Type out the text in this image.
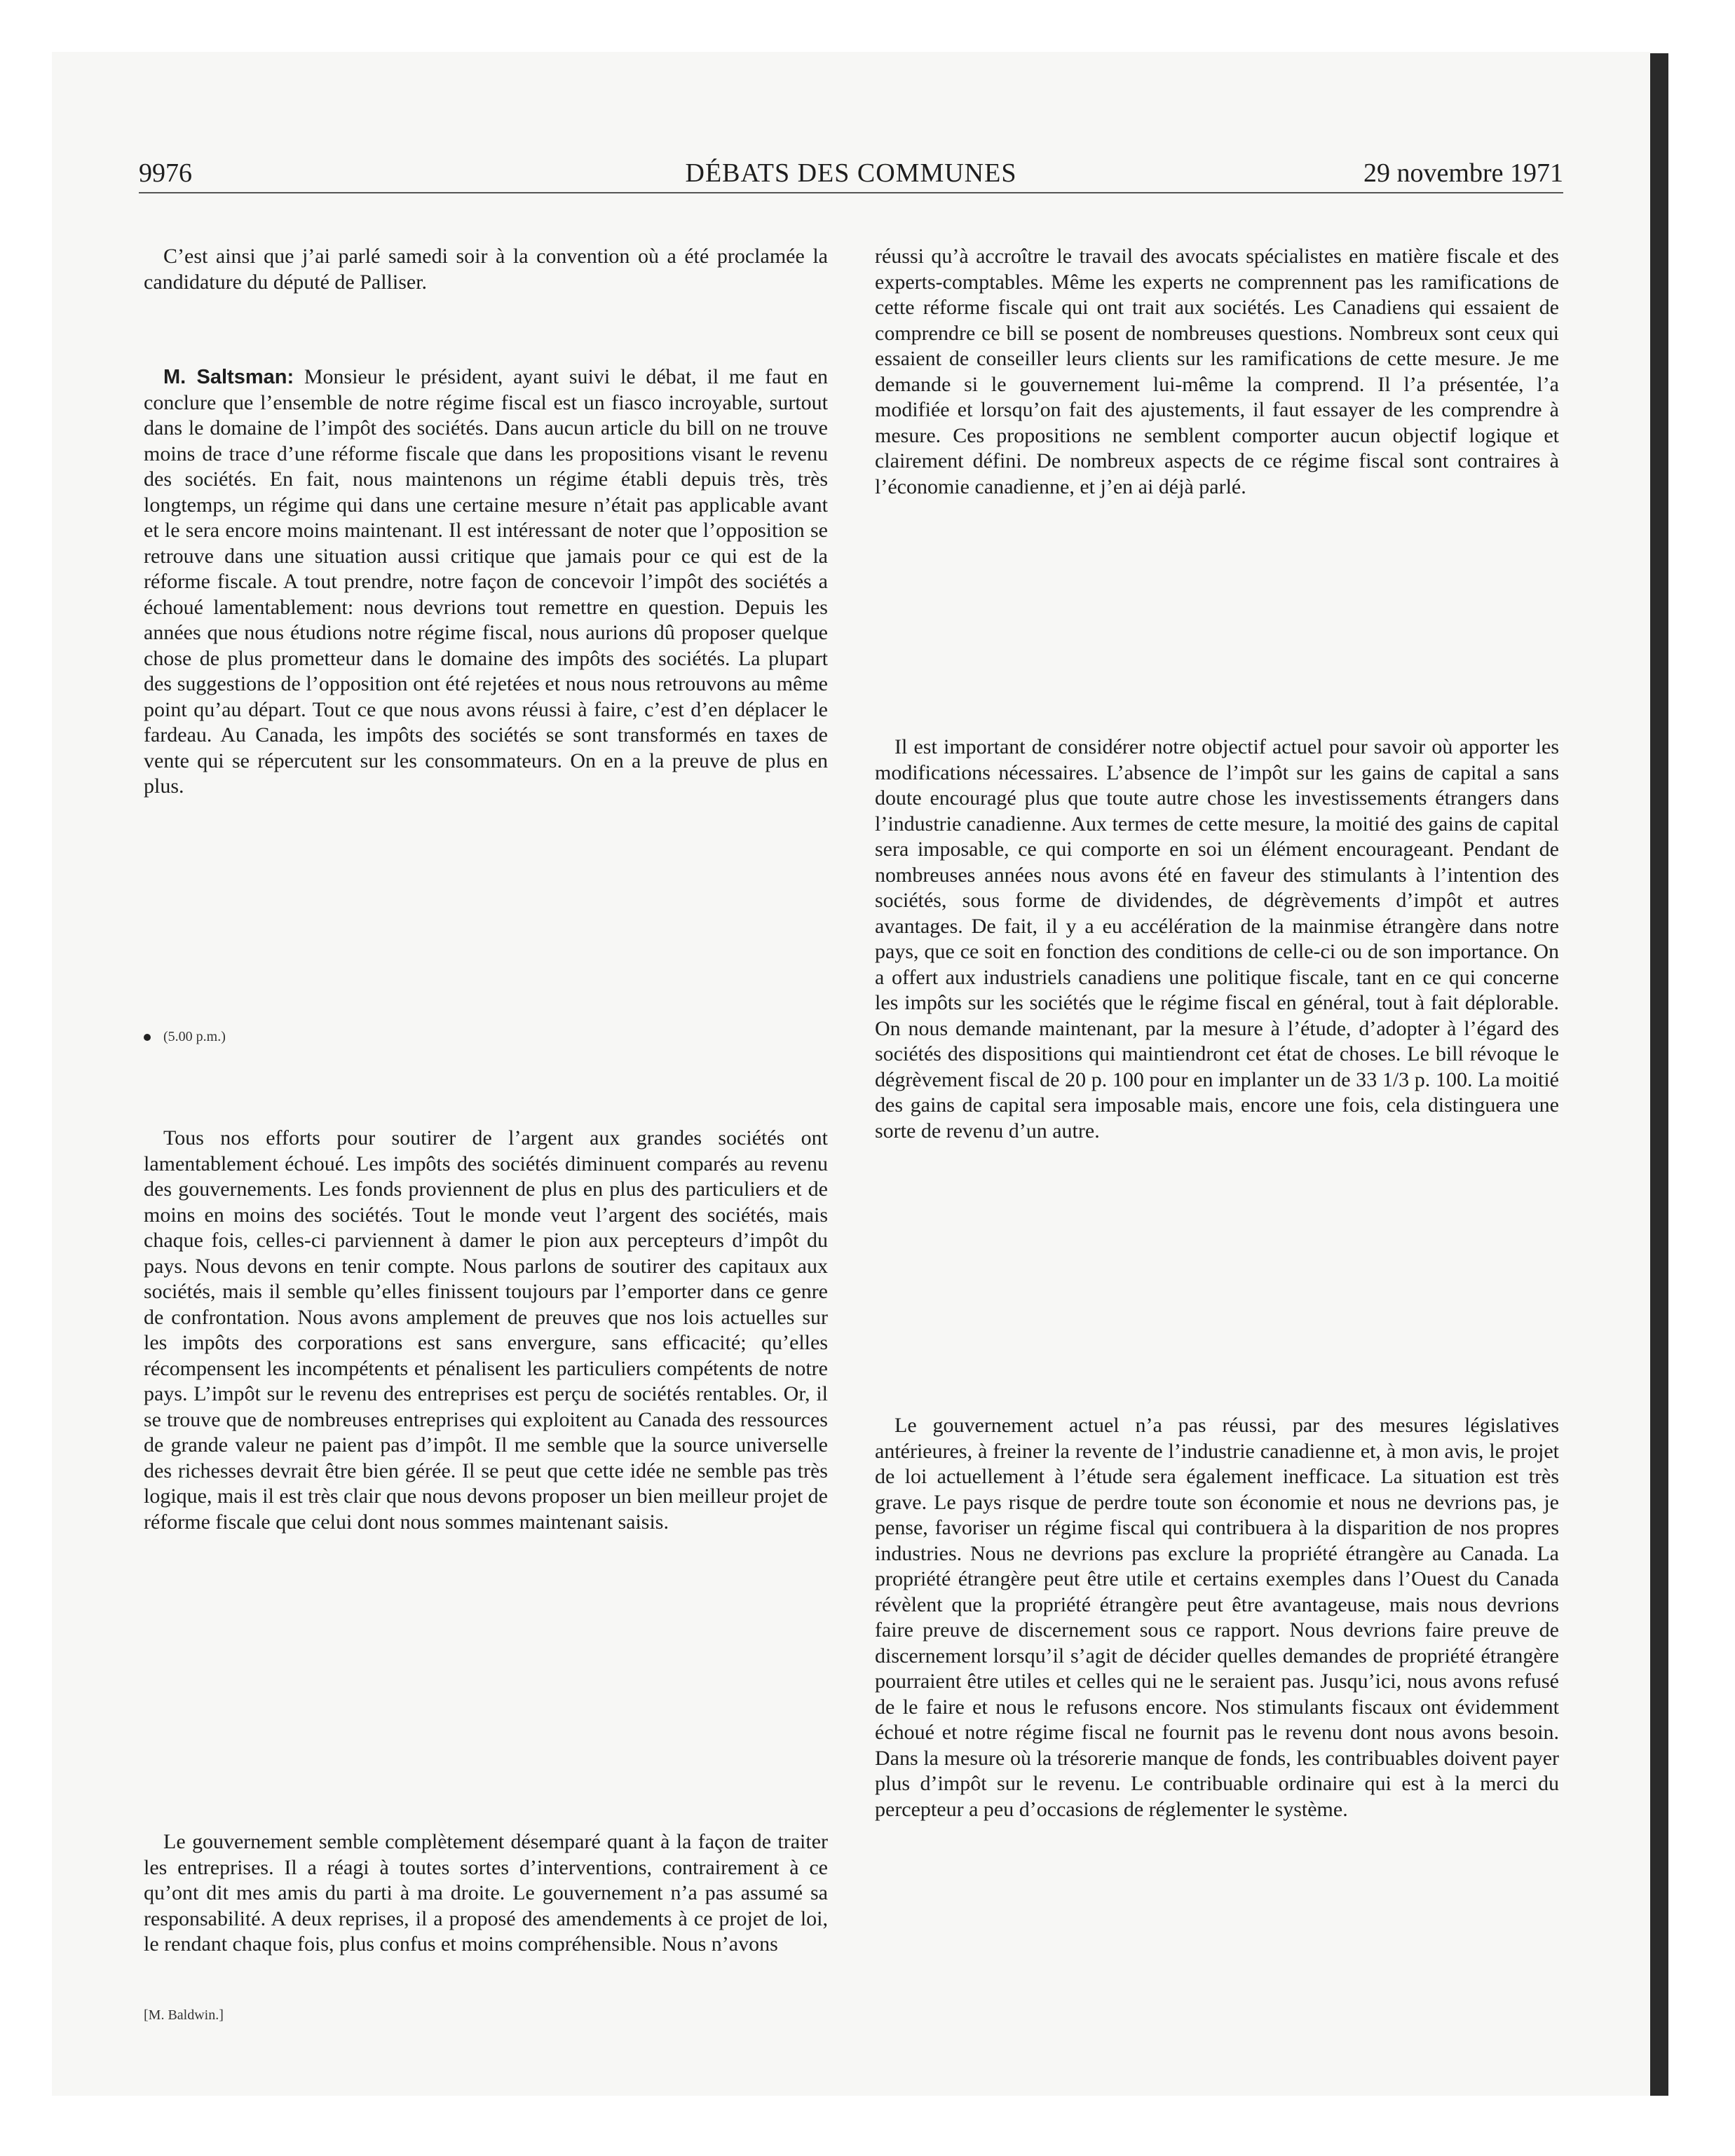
9976	DÉBATS DES COMMUNES	29 novembre 1971

C’est ainsi que j’ai parlé samedi soir à la convention où a été proclamée la candidature du député de Palliser.

M. Saltsman: Monsieur le président, ayant suivi le débat, il me faut en conclure que l’ensemble de notre régime fiscal est un fiasco incroyable, surtout dans le domaine de l’impôt des sociétés. Dans aucun article du bill on ne trouve moins de trace d’une réforme fiscale que dans les propositions visant le revenu des sociétés. En fait, nous maintenons un régime établi depuis très, très longtemps, un régime qui dans une certaine mesure n’était pas applicable avant et le sera encore moins maintenant. Il est intéressant de noter que l’opposition se retrouve dans une situation aussi critique que jamais pour ce qui est de la réforme fiscale. A tout prendre, notre façon de concevoir l’impôt des sociétés a échoué lamentablement: nous devrions tout remettre en question. Depuis les années que nous étudions notre régime fiscal, nous aurions dû proposer quelque chose de plus prometteur dans le domaine des impôts des sociétés. La plupart des suggestions de l’opposition ont été rejetées et nous nous retrouvons au même point qu’au départ. Tout ce que nous avons réussi à faire, c’est d’en déplacer le fardeau. Au Canada, les impôts des sociétés se sont transformés en taxes de vente qui se répercutent sur les consommateurs. On en a la preuve de plus en plus.

(5.00 p.m.)

Tous nos efforts pour soutirer de l’argent aux grandes sociétés ont lamentablement échoué. Les impôts des sociétés diminuent comparés au revenu des gouvernements. Les fonds proviennent de plus en plus des particuliers et de moins en moins des sociétés. Tout le monde veut l’argent des sociétés, mais chaque fois, celles-ci parviennent à damer le pion aux percepteurs d’impôt du pays. Nous devons en tenir compte. Nous parlons de soutirer des capitaux aux sociétés, mais il semble qu’elles finissent toujours par l’emporter dans ce genre de confrontation. Nous avons amplement de preuves que nos lois actuelles sur les impôts des corporations est sans envergure, sans efficacité; qu’elles récompensent les incompétents et pénalisent les particuliers compétents de notre pays. L’impôt sur le revenu des entreprises est perçu de sociétés rentables. Or, il se trouve que de nombreuses entreprises qui exploitent au Canada des ressources de grande valeur ne paient pas d’impôt. Il me semble que la source universelle des richesses devrait être bien gérée. Il se peut que cette idée ne semble pas très logique, mais il est très clair que nous devons proposer un bien meilleur projet de réforme fiscale que celui dont nous sommes maintenant saisis.

Le gouvernement semble complètement désemparé quant à la façon de traiter les entreprises. Il a réagi à toutes sortes d’interventions, contrairement à ce qu’ont dit mes amis du parti à ma droite. Le gouvernement n’a pas assumé sa responsabilité. A deux reprises, il a proposé des amendements à ce projet de loi, le rendant chaque fois, plus confus et moins compréhensible. Nous n’avons

[M. Baldwin.]

réussi qu’à accroître le travail des avocats spécialistes en matière fiscale et des experts-comptables. Même les experts ne comprennent pas les ramifications de cette réforme fiscale qui ont trait aux sociétés. Les Canadiens qui essaient de comprendre ce bill se posent de nombreuses questions. Nombreux sont ceux qui essaient de conseiller leurs clients sur les ramifications de cette mesure. Je me demande si le gouvernement lui-même la comprend. Il l’a présentée, l’a modifiée et lorsqu’on fait des ajustements, il faut essayer de les comprendre à mesure. Ces propositions ne semblent comporter aucun objectif logique et clairement défini. De nombreux aspects de ce régime fiscal sont contraires à l’économie canadienne, et j’en ai déjà parlé.

Il est important de considérer notre objectif actuel pour savoir où apporter les modifications nécessaires. L’absence de l’impôt sur les gains de capital a sans doute encouragé plus que toute autre chose les investissements étrangers dans l’industrie canadienne. Aux termes de cette mesure, la moitié des gains de capital sera imposable, ce qui comporte en soi un élément encourageant. Pendant de nombreuses années nous avons été en faveur des stimulants à l’intention des sociétés, sous forme de dividendes, de dégrèvements d’impôt et autres avantages. De fait, il y a eu accélération de la mainmise étrangère dans notre pays, que ce soit en fonction des conditions de celle-ci ou de son importance. On a offert aux industriels canadiens une politique fiscale, tant en ce qui concerne les impôts sur les sociétés que le régime fiscal en général, tout à fait déplorable. On nous demande maintenant, par la mesure à l’étude, d’adopter à l’égard des sociétés des dispositions qui maintiendront cet état de choses. Le bill révoque le dégrèvement fiscal de 20 p. 100 pour en implanter un de 33 1/3 p. 100. La moitié des gains de capital sera imposable mais, encore une fois, cela distinguera une sorte de revenu d’un autre.

Le gouvernement actuel n’a pas réussi, par des mesures législatives antérieures, à freiner la revente de l’industrie canadienne et, à mon avis, le projet de loi actuellement à l’étude sera également inefficace. La situation est très grave. Le pays risque de perdre toute son économie et nous ne devrions pas, je pense, favoriser un régime fiscal qui contribuera à la disparition de nos propres industries. Nous ne devrions pas exclure la propriété étrangère au Canada. La propriété étrangère peut être utile et certains exemples dans l’Ouest du Canada révèlent que la propriété étrangère peut être avantageuse, mais nous devrions faire preuve de discernement sous ce rapport. Nous devrions faire preuve de discernement lorsqu’il s’agit de décider quelles demandes de propriété étrangère pourraient être utiles et celles qui ne le seraient pas. Jusqu’ici, nous avons refusé de le faire et nous le refusons encore. Nos stimulants fiscaux ont évidemment échoué et notre régime fiscal ne fournit pas le revenu dont nous avons besoin. Dans la mesure où la trésorerie manque de fonds, les contribuables doivent payer plus d’impôt sur le revenu. Le contribuable ordinaire qui est à la merci du percepteur a peu d’occasions de réglementer le système.
